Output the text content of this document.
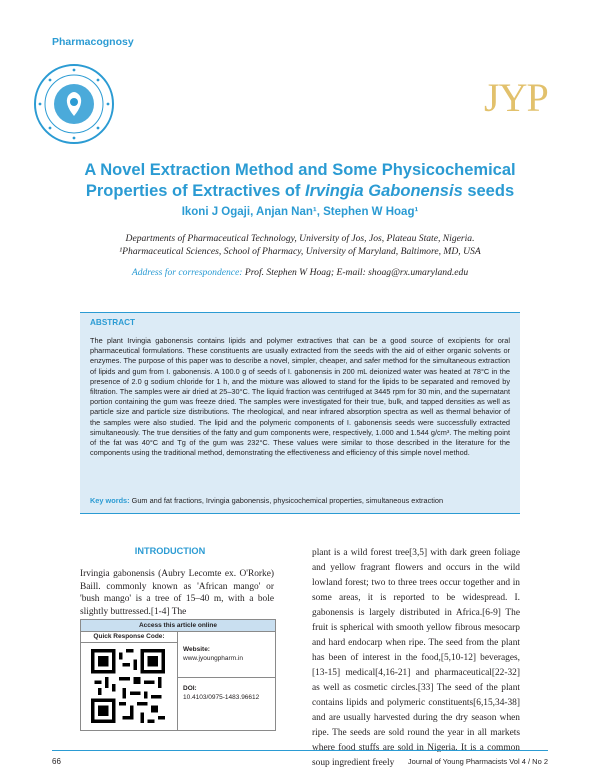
Pharmacognosy
JYP
A Novel Extraction Method and Some Physicochemical Properties of Extractives of Irvingia Gabonensis seeds
Ikoni J Ogaji, Anjan Nan¹, Stephen W Hoag¹
Departments of Pharmaceutical Technology, University of Jos, Jos, Plateau State, Nigeria.
¹Pharmaceutical Sciences, School of Pharmacy, University of Maryland, Baltimore, MD, USA
Address for correspondence: Prof. Stephen W Hoag; E-mail: shoag@rx.umaryland.edu
ABSTRACT
The plant Irvingia gabonensis contains lipids and polymer extractives that can be a good source of excipients for oral pharmaceutical formulations. These constituents are usually extracted from the seeds with the aid of either organic solvents or enzymes. The purpose of this paper was to describe a novel, simpler, cheaper, and safer method for the simultaneous extraction of lipids and gum from I. gabonensis. A 100.0 g of seeds of I. gabonensis in 200 mL deionized water was heated at 78°C in the presence of 2.0 g sodium chloride for 1 h, and the mixture was allowed to stand for the lipids to be separated and removed by filtration. The samples were air dried at 25–30°C. The liquid fraction was centrifuged at 3445 rpm for 30 min, and the supernatant portion containing the gum was freeze dried. The samples were investigated for their true, bulk, and tapped densities as well as particle size and particle size distributions. The rheological, and near infrared absorption spectra as well as thermal behavior of the samples were also studied. The lipid and the polymeric components of I. gabonensis seeds were successfully extracted simultaneously. The true densities of the fatty and gum components were, respectively, 1.000 and 1.544 g/cm³. The melting point of the fat was 40°C and Tg of the gum was 232°C. These values were similar to those described in the literature for the components using the traditional method, demonstrating the effectiveness and efficiency of this simple novel method.
Key words: Gum and fat fractions, Irvingia gabonensis, physicochemical properties, simultaneous extraction
INTRODUCTION
Irvingia gabonensis (Aubry Lecomte ex. O'Rorke) Baill. commonly known as 'African mango' or 'bush mango' is a tree of 15–40 m, with a bole slightly buttressed.[1-4] The
Access this article online
Quick Response Code:
Website:
www.jyoungpharm.in
DOI:
10.4103/0975-1483.96612
plant is a wild forest tree[3,5] with dark green foliage and yellow fragrant flowers and occurs in the wild lowland forest; two to three trees occur together and in some areas, it is reported to be widespread. I. gabonensis is largely distributed in Africa.[6-9] The fruit is spherical with smooth yellow fibrous mesocarp and hard endocarp when ripe. The seed from the plant has been of interest in the food,[5,10-12] beverages,[13-15] medical[4,16-21] and pharmaceutical[22-32] as well as cosmetic circles.[33] The seed of the plant contains lipids and polymeric constituents[6,15,34-38] and are usually harvested during the dry season when ripe. The seeds are sold round the year in all markets where food stuffs are sold in Nigeria. It is a common soup ingredient freely
66	Journal of Young Pharmacists Vol 4 / No 2
